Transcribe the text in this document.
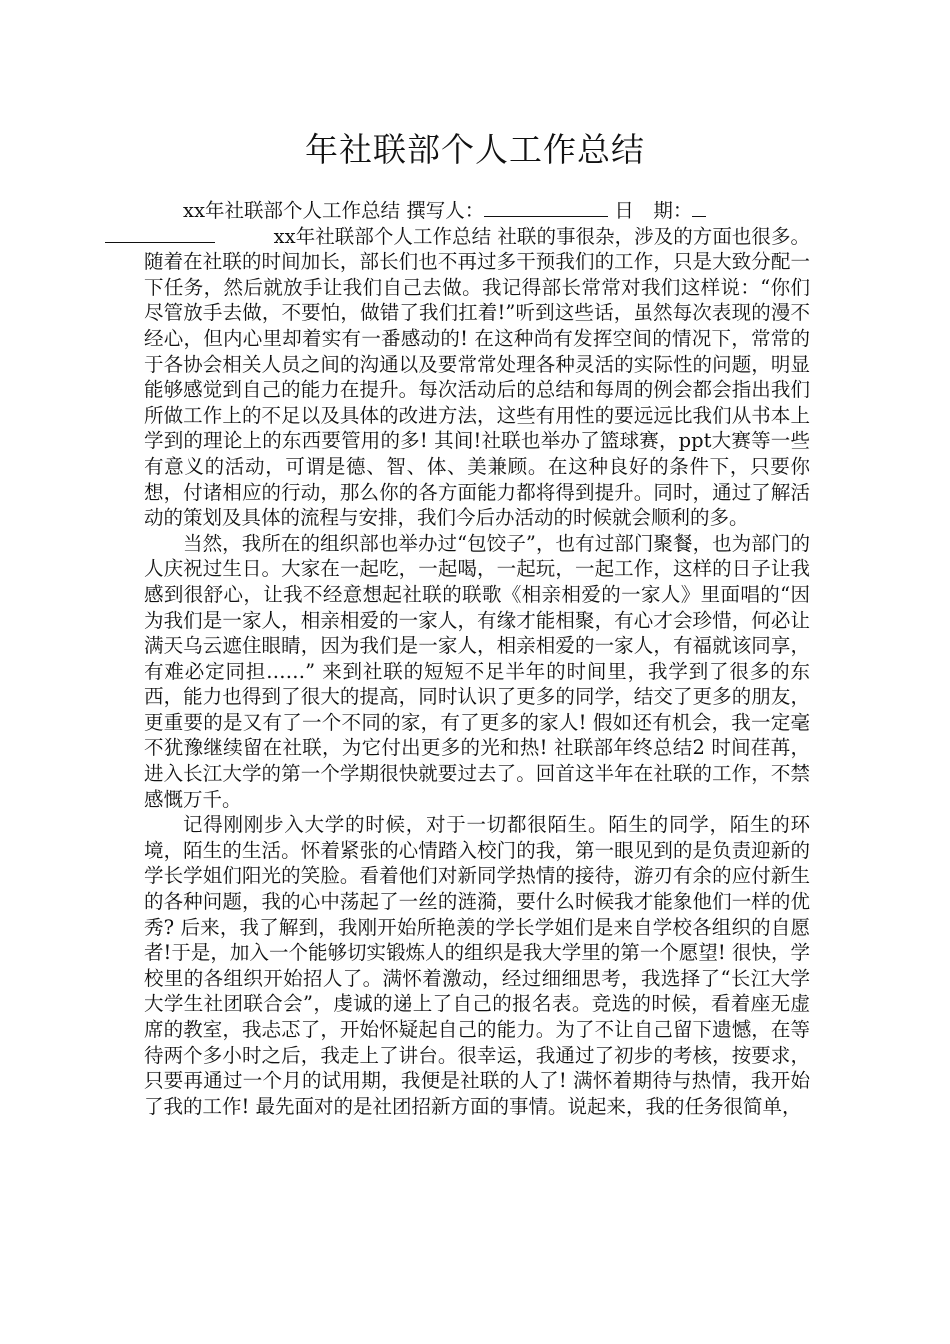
年社联部个人工作总结

xx年社联部个人工作总结 撰写人：	日　期：
　　　xx年社联部个人工作总结 社联的事很杂，涉及的方面也很多。随着在社联的时间加长，部长们也不再过多干预我们的工作，只是大致分配一下任务，然后就放手让我们自己去做。我记得部长常常对我们这样说：“你们尽管放手去做，不要怕，做错了我们扛着!”听到这些话，虽然每次表现的漫不经心，但内心里却着实有一番感动的! 在这种尚有发挥空间的情况下，常常的于各协会相关人员之间的沟通以及要常常处理各种灵活的实际性的问题，明显能够感觉到自己的能力在提升。每次活动后的总结和每周的例会都会指出我们所做工作上的不足以及具体的改进方法，这些有用性的要远远比我们从书本上学到的理论上的东西要管用的多! 其间!社联也举办了篮球赛，ppt大赛等一些有意义的活动，可谓是德、智、体、美兼顾。在这种良好的条件下，只要你想，付诸相应的行动，那么你的各方面能力都将得到提升。同时，通过了解活动的策划及具体的流程与安排，我们今后办活动的时候就会顺利的多。

当然，我所在的组织部也举办过“包饺子”，也有过部门聚餐，也为部门的人庆祝过生日。大家在一起吃，一起喝，一起玩，一起工作，这样的日子让我感到很舒心，让我不经意想起社联的联歌《相亲相爱的一家人》里面唱的“因为我们是一家人，相亲相爱的一家人，有缘才能相聚，有心才会珍惜，何必让满天乌云遮住眼睛，因为我们是一家人，相亲相爱的一家人，有福就该同享，有难必定同担……” 来到社联的短短不足半年的时间里，我学到了很多的东西，能力也得到了很大的提高，同时认识了更多的同学，结交了更多的朋友，更重要的是又有了一个不同的家，有了更多的家人! 假如还有机会，我一定毫不犹豫继续留在社联，为它付出更多的光和热! 社联部年终总结2 时间荏苒，进入长江大学的第一个学期很快就要过去了。回首这半年在社联的工作，不禁感慨万千。

记得刚刚步入大学的时候，对于一切都很陌生。陌生的同学，陌生的环境，陌生的生活。怀着紧张的心情踏入校门的我，第一眼见到的是负责迎新的学长学姐们阳光的笑脸。看着他们对新同学热情的接待，游刃有余的应付新生的各种问题，我的心中荡起了一丝的涟漪，要什么时候我才能象他们一样的优秀? 后来，我了解到，我刚开始所艳羡的学长学姐们是来自学校各组织的自愿者!于是，加入一个能够切实锻炼人的组织是我大学里的第一个愿望! 很快，学校里的各组织开始招人了。满怀着激动，经过细细思考，我选择了“长江大学大学生社团联合会”，虔诚的递上了自己的报名表。竞选的时候，看着座无虚席的教室，我忐忑了，开始怀疑起自己的能力。为了不让自己留下遗憾，在等待两个多小时之后，我走上了讲台。很幸运，我通过了初步的考核，按要求，只要再通过一个月的试用期，我便是社联的人了! 满怀着期待与热情，我开始了我的工作! 最先面对的是社团招新方面的事情。说起来，我的任务很简单，
